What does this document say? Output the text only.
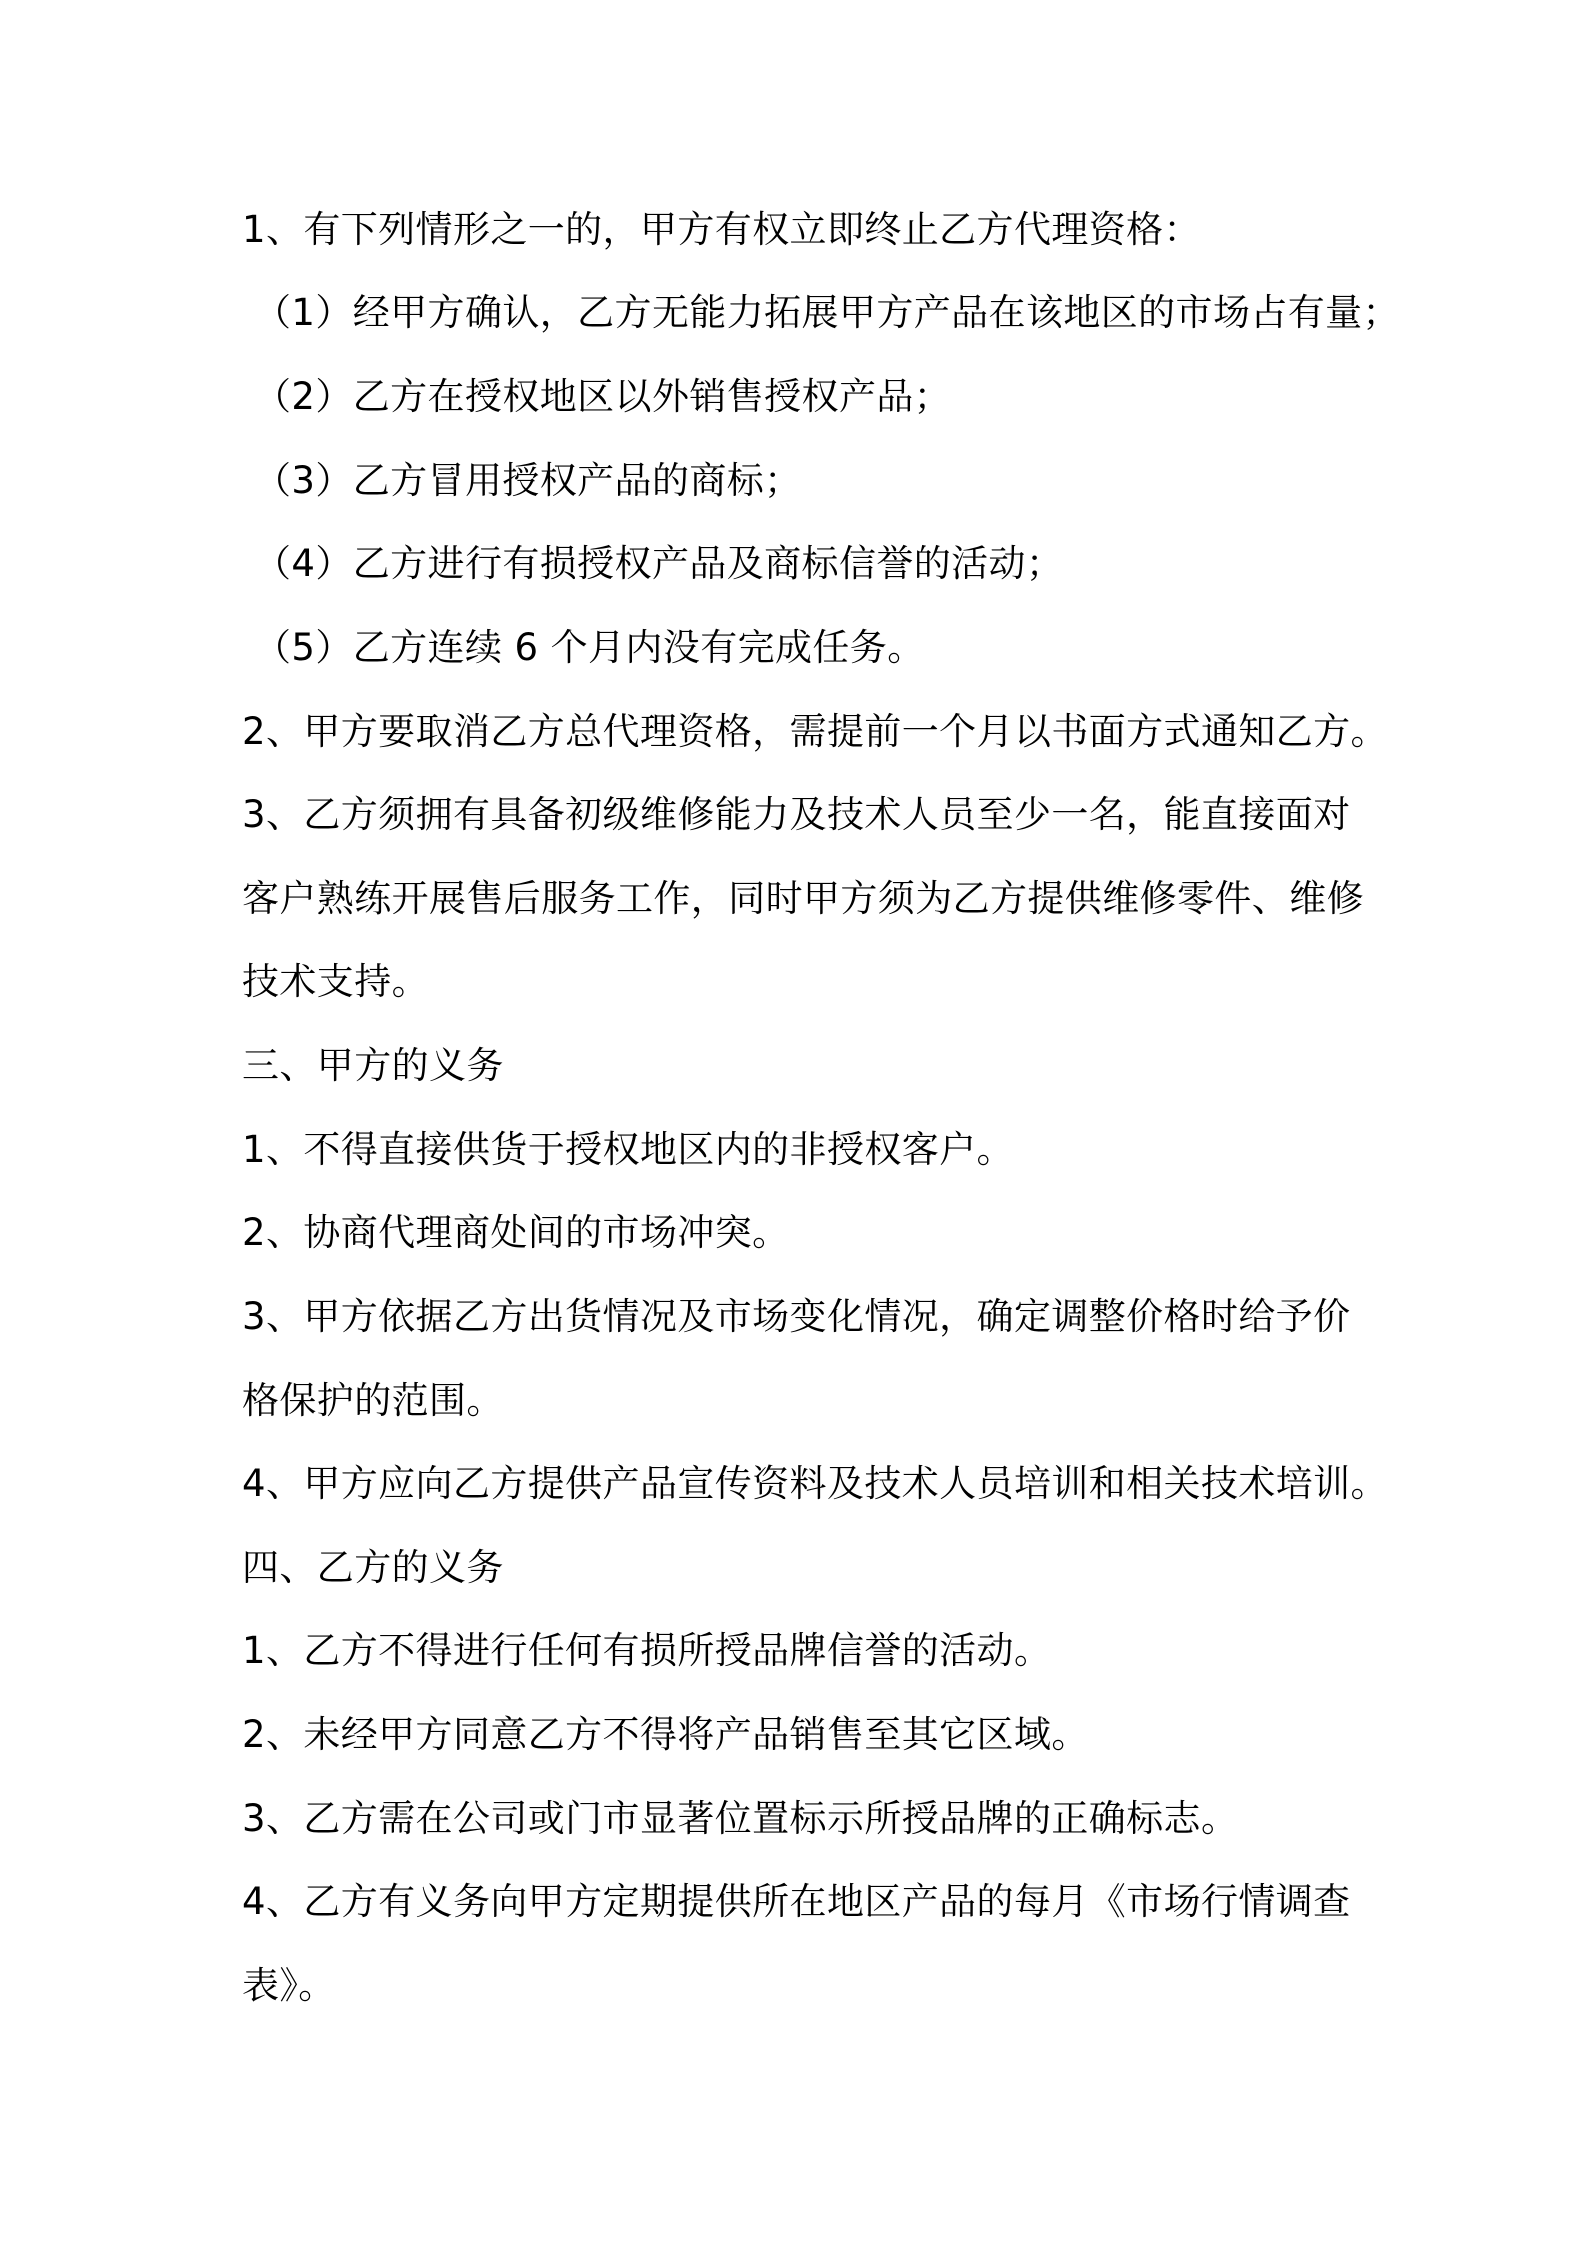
1、有下列情形之一的，甲方有权立即终止乙方代理资格：
（1）经甲方确认，乙方无能力拓展甲方产品在该地区的市场占有量；
（2）乙方在授权地区以外销售授权产品；
（3）乙方冒用授权产品的商标；
（4）乙方进行有损授权产品及商标信誉的活动；
（5）乙方连续 6 个月内没有完成任务。
2、甲方要取消乙方总代理资格，需提前一个月以书面方式通知乙方。
3、乙方须拥有具备初级维修能力及技术人员至少一名，能直接面对
客户熟练开展售后服务工作，同时甲方须为乙方提供维修零件、维修
技术支持。
三、甲方的义务
1、不得直接供货于授权地区内的非授权客户。
2、协商代理商处间的市场冲突。
3、甲方依据乙方出货情况及市场变化情况，确定调整价格时给予价
格保护的范围。
4、甲方应向乙方提供产品宣传资料及技术人员培训和相关技术培训。
四、乙方的义务
1、乙方不得进行任何有损所授品牌信誉的活动。
2、未经甲方同意乙方不得将产品销售至其它区域。
3、乙方需在公司或门市显著位置标示所授品牌的正确标志。
4、乙方有义务向甲方定期提供所在地区产品的每月《市场行情调查
表》。
